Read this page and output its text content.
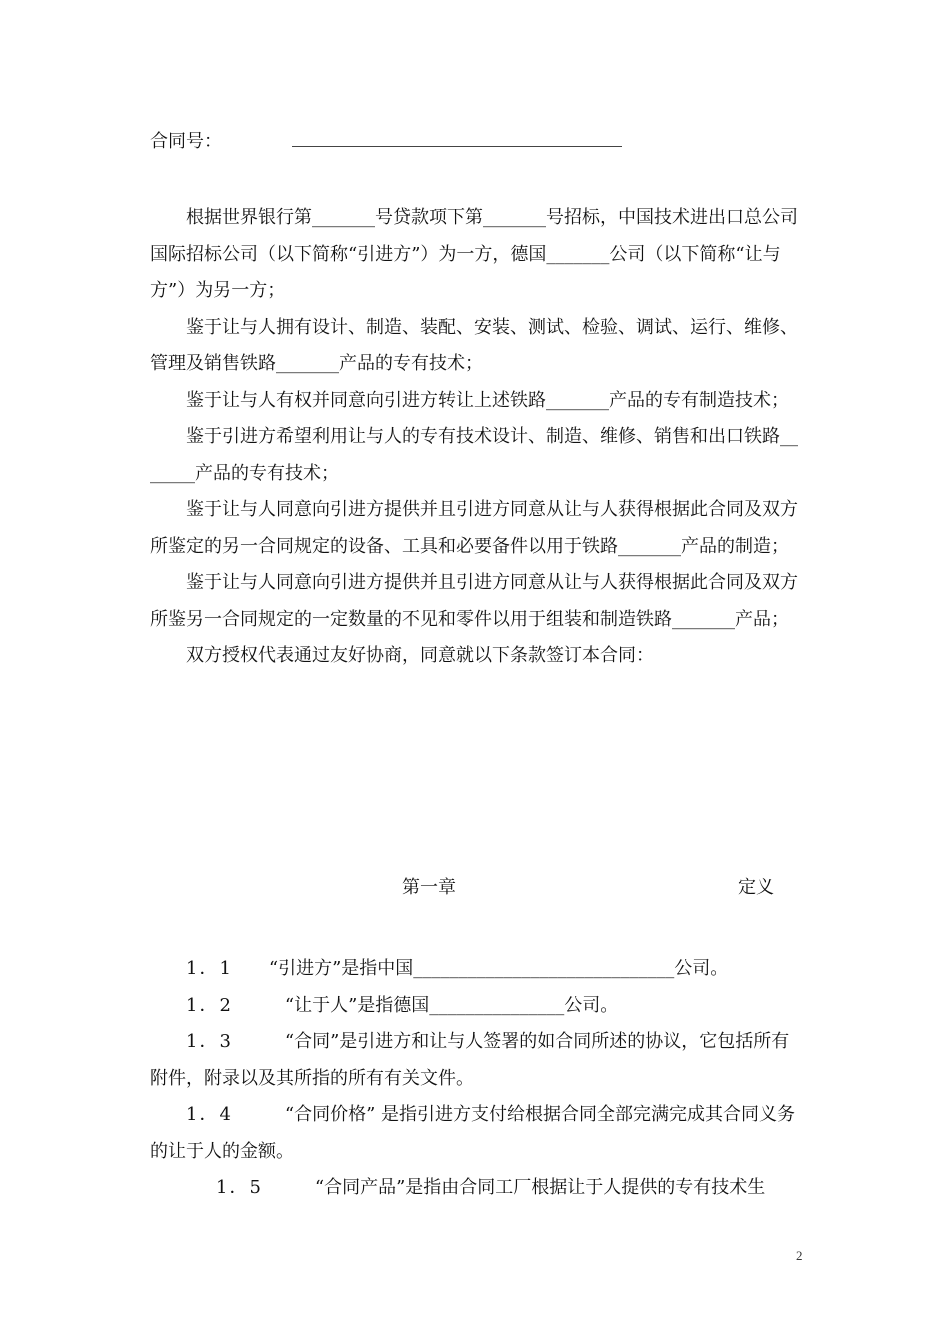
合同号：

根据世界银行第_______号贷款项下第_______号招标，中国技术进出口总公司国际招标公司（以下简称“引进方”）为一方，德国_______公司（以下简称“让与方”）为另一方；

鉴于让与人拥有设计、制造、装配、安装、测试、检验、调试、运行、维修、管理及销售铁路_______产品的专有技术；

鉴于让与人有权并同意向引进方转让上述铁路_______产品的专有制造技术；

鉴于引进方希望利用让与人的专有技术设计、制造、维修、销售和出口铁路_______产品的专有技术；

鉴于让与人同意向引进方提供并且引进方同意从让与人获得根据此合同及双方所鉴定的另一合同规定的设备、工具和必要备件以用于铁路_______产品的制造；

鉴于让与人同意向引进方提供并且引进方同意从让与人获得根据此合同及双方所鉴另一合同规定的一定数量的不见和零件以用于组装和制造铁路_______产品；

双方授权代表通过友好协商，同意就以下条款签订本合同：

第一章	定义

1．1 “引进方”是指中国_____________________________公司。

1．2	“让于人”是指德国_______________公司。

1．3	“合同”是引进方和让与人签署的如合同所述的协议，它包括所有附件，附录以及其所指的所有有关文件。

1．4	“合同价格” 是指引进方支付给根据合同全部完满完成其合同义务的让于人的金额。

1．5	“合同产品”是指由合同工厂根据让于人提供的专有技术生

2
